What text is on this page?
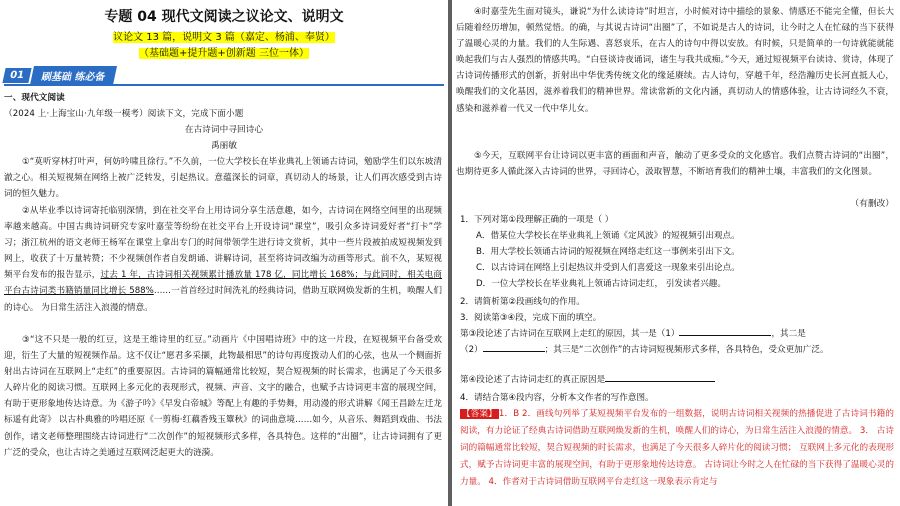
专题 04 现代文阅读之议论文、说明文
议论文 13 篇，说明文 3 篇（嘉定、杨浦、奉贤）
（基础题+提升题+创新题 三位一体）
01	刷基础 练必备
一、现代文阅读
（2024 上·上海宝山·九年级一模考）阅读下文，完成下面小题
在古诗词中寻回诗心
禹丽敏
①“莫听穿林打叶声，何妨吟啸且徐行。”不久前，一位大学校长在毕业典礼上领诵古诗词，勉励学生们以东坡清澈之心。相关短视频在网络上被广泛转发，引起热议。意蕴深长的词章，真切动人的场景，让人们再次感受到古诗词的恒久魅力。
②从毕业季以诗词寄托临别深情，到在社交平台上用诗词分享生活意趣，如今，古诗词在网络空间里的出现频率越来越高。中国古典诗词研究专家叶嘉莹等纷纷在社交平台上开设诗词“课堂”，吸引众多诗词爱好者“打卡”学习；浙江杭州的语文老师王杨军在课堂上拿出专门的时间带领学生进行诗文赏析，其中一些片段被拍成短视频发到网上，收获了十万量转赞；不少视频创作者自发朗诵、讲解诗词，甚至将诗词改编为动画等形式。前不久，某短视频平台发布的报告显示，过去 1 年，古诗词相关视频累计播放量 178 亿，同比增长 168%；与此同时，相关电商平台古诗词类书籍销量同比增长 588%……一首首经过时间洗礼的经典诗词，借助互联网焕发新的生机，唤醒人们的诗心。 为日常生活注入浪漫的情意。
③“这不只是一般的红豆，这是王维诗里的红豆。”动画片《中国唱诗班》中的这一片段，在短视频平台备受欢迎，衍生了大量的短视频作品。这不仅让“愿君多采撷，此物最相思”的诗句再度拨动人们的心弦，也从一个侧面折射出古诗词在互联网上“走红”的重要原因。古诗词的篇幅通常比较短，契合短视频的时长需求，也满足了今天很多人碎片化的阅读习惯。互联网上多元化的表现形式，视频、声音、文字的融合，也赋予古诗词更丰富的展现空间，有助于更形象地传达诗意。为《游子吟》《早发白帝城》等配上有趣的手势舞，用动漫的形式讲解《闻王昌龄左迁龙标遥有此寄》 以古朴典雅的吟唱还原《一剪梅·红藕香残玉簟秋》的词曲意境……如今，从音乐、舞蹈到戏曲、书法创作，诸文老师整理围绕古诗词进行“二次创作”的短视频形式多样，各具特色。这样的“出圈”，让古诗词拥有了更广泛的受众，也让古诗之美通过互联网泛起更大的涟漪。
④时嘉莹先生面对镜头，谦说“为什么读诗诗”时坦言，小时候对诗中描绘的景象、情感还不能完全懂，但长大后随着经历增加，顿然觉悟。的确，与其说古诗词“出圈”了，不如说是古人的诗词，让今时之人在忙碌的当下获得了温暖心灵的力量。我们的人生际遇、喜怒哀乐，在古人的诗句中得以安放。有时候，只是简单的一句诗就能就能唤起我们与古人强烈的情感共鸣。“白昼谈诗夜诵词，诸生与我共成痴。”今天，通过短视频平台读诗、赏诗，体现了古诗词传播形式的创新，折射出中华优秀传统文化的缘延赓续。古人诗句，穿越千年，经浩瀚历史长河直抵人心，唤醒我们的文化基因，滋养着我们的精神世界。常读常新的文化内涵，真切动人的情感体验，让古诗词经久不衰，感染和滋养着一代又一代中华儿女。
⑤今天，互联网平台让诗词以更丰富的画面和声音，触动了更多受众的文化感官。我们点赞古诗词的“出圈”，也期待更多人循此深入古诗词的世界，寻回诗心，汲取智慧，不断培育我们的精神土壤，丰富我们的文化图景。
（有删改）
1．下列对第①段理解正确的一项是（ ）
A．借某位大学校长在毕业典礼上领诵《定风波》的短视频引出观点。
B．用大学校长领诵古诗词的短视频在网络走红这一事例来引出下文。
C．以古诗词在网络上引起热议并受到人们喜爱这一现象来引出论点。
D．一位大学校长在毕业典礼上领诵古诗词走红， 引发读者兴趣。
2．请简析第②段画线句的作用。
3．阅读第③④段，完成下面的填空。
第③段论述了古诗词在互联网上走红的原因，其一是（1）	，其二是
（2）	；其三是“二次创作”的古诗词短视频形式多样，各具特色，受众更加广泛。
第④段论述了古诗词走红的真正原因是
4．请结合第④段内容，分析本文作者的写作意图。
【答案】 1．B 2．画线句列举了某短视频平台发布的一组数据，说明古诗词相关视频的热播促进了古诗词书籍的阅读，有力论证了经典古诗词借助互联网焕发新的生机，唤醒人们的诗心，为日常生活注入浪漫的情意。 3． 古诗词的篇幅通常比较短，契合短视频的时长需求，也满足了今天很多人碎片化的阅读习惯； 互联网上多元化的表现形式，赋予古诗词更丰富的展现空间，有助于更形象地传达诗意。 古诗词让今时之人在忙碌的当下获得了温暖心灵的力量。 4．作者对于古诗词借助互联网平台走红这一现象表示肯定与
